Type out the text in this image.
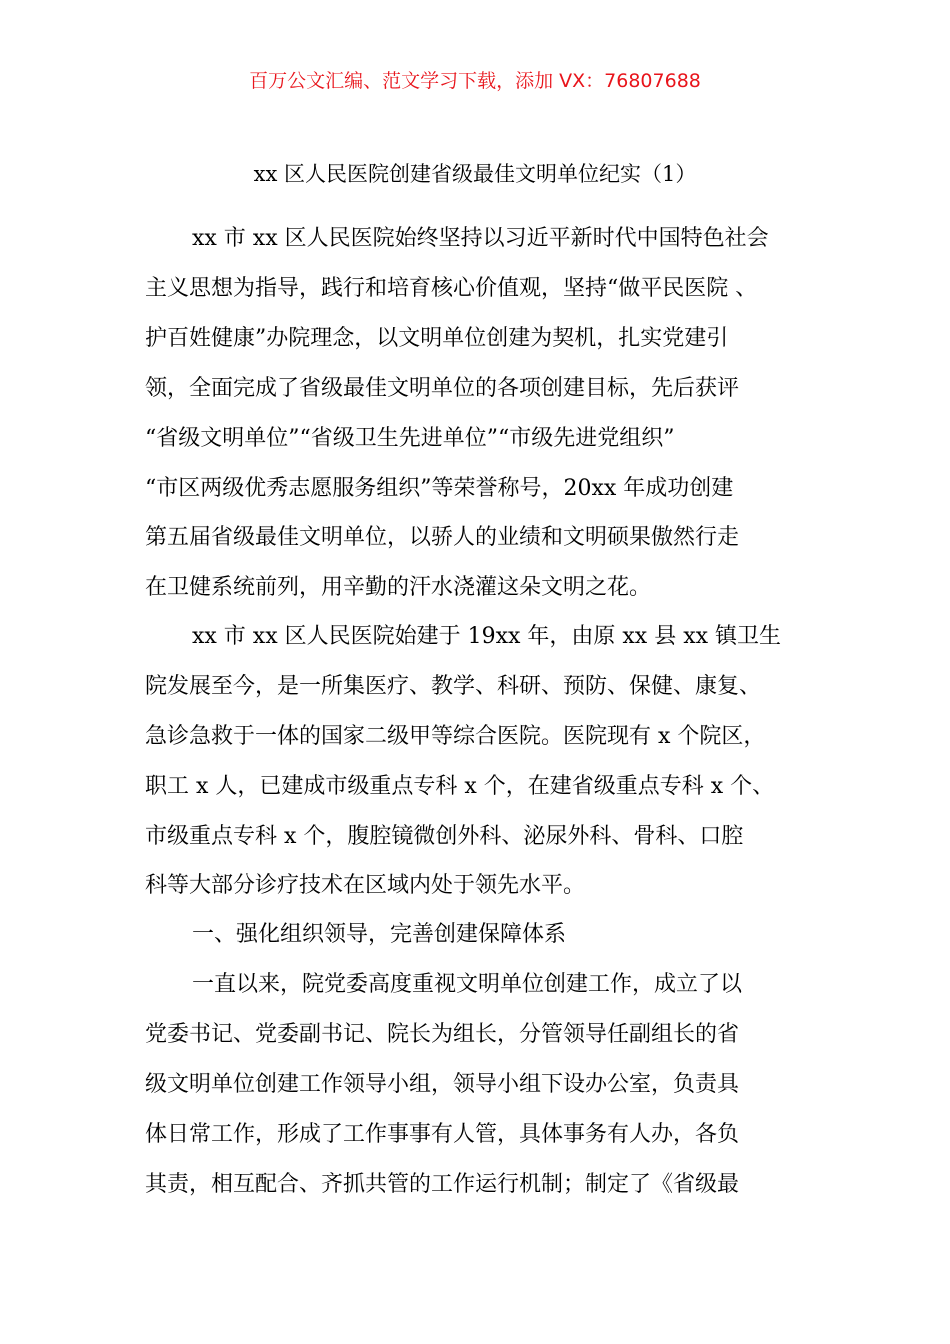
百万公文汇编、范文学习下载，添加 VX：76807688
xx 区人民医院创建省级最佳文明单位纪实（1）
xx 市 xx 区人民医院始终坚持以习近平新时代中国特色社会
主义思想为指导，践行和培育核心价值观，坚持“做平民医院 、
护百姓健康”办院理念，以文明单位创建为契机，扎实党建引
领，全面完成了省级最佳文明单位的各项创建目标，先后获评
“省级文明单位”“省级卫生先进单位”“市级先进党组织”
“市区两级优秀志愿服务组织”等荣誉称号，20xx 年成功创建
第五届省级最佳文明单位，以骄人的业绩和文明硕果傲然行走
在卫健系统前列，用辛勤的汗水浇灌这朵文明之花。
xx 市 xx 区人民医院始建于 19xx 年，由原 xx 县 xx 镇卫生
院发展至今，是一所集医疗、教学、科研、预防、保健、康复、
急诊急救于一体的国家二级甲等综合医院。医院现有 x 个院区，
职工 x 人，已建成市级重点专科 x 个，在建省级重点专科 x 个、
市级重点专科 x 个，腹腔镜微创外科、泌尿外科、骨科、口腔
科等大部分诊疗技术在区域内处于领先水平。
一、强化组织领导，完善创建保障体系
一直以来，院党委高度重视文明单位创建工作，成立了以
党委书记、党委副书记、院长为组长，分管领导任副组长的省
级文明单位创建工作领导小组，领导小组下设办公室，负责具
体日常工作，形成了工作事事有人管，具体事务有人办，各负
其责，相互配合、齐抓共管的工作运行机制；制定了《省级最
